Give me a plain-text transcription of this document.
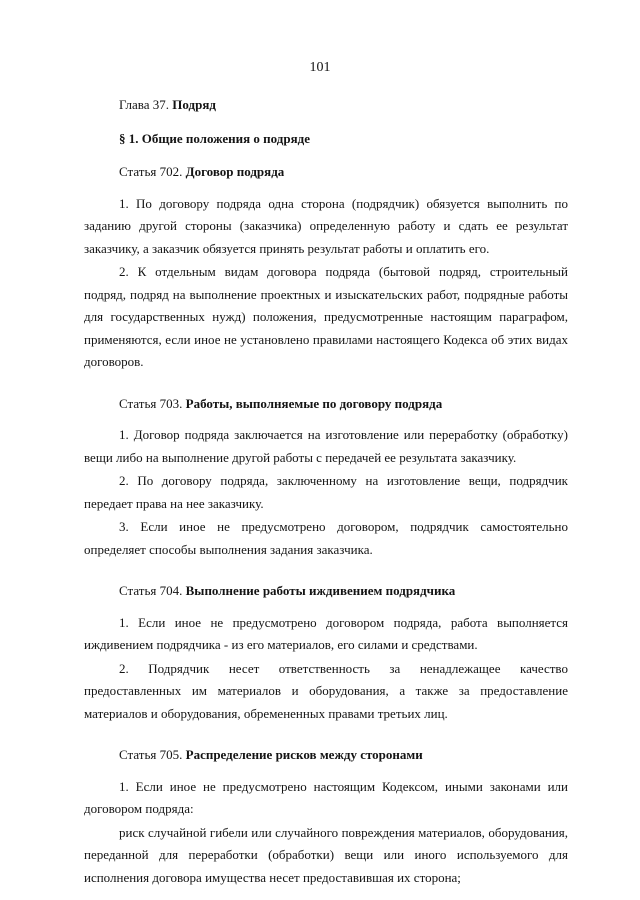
101
Глава 37. Подряд
§ 1. Общие положения о подряде
Статья 702. Договор подряда

1. По договору подряда одна сторона (подрядчик) обязуется выполнить по заданию другой стороны (заказчика) определенную работу и сдать ее результат заказчику, а заказчик обязуется принять результат работы и оплатить его.

2. К отдельным видам договора подряда (бытовой подряд, строительный подряд, подряд на выполнение проектных и изыскательских работ, подрядные работы для государственных нужд) положения, предусмотренные настоящим параграфом, применяются, если иное не установлено правилами настоящего Кодекса об этих видах договоров.

Статья 703. Работы, выполняемые по договору подряда

1. Договор подряда заключается на изготовление или переработку (обработку) вещи либо на выполнение другой работы с передачей ее результата заказчику.

2. По договору подряда, заключенному на изготовление вещи, подрядчик передает права на нее заказчику.

3. Если иное не предусмотрено договором, подрядчик самостоятельно определяет способы выполнения задания заказчика.

Статья 704. Выполнение работы иждивением подрядчика

1. Если иное не предусмотрено договором подряда, работа выполняется иждивением подрядчика - из его материалов, его силами и средствами.

2. Подрядчик несет ответственность за ненадлежащее качество предоставленных им материалов и оборудования, а также за предоставление материалов и оборудования, обремененных правами третьих лиц.

Статья 705. Распределение рисков между сторонами

1. Если иное не предусмотрено настоящим Кодексом, иными законами или договором подряда:

риск случайной гибели или случайного повреждения материалов, оборудования, переданной для переработки (обработки) вещи или иного используемого для исполнения договора имущества несет предоставившая их сторона;
